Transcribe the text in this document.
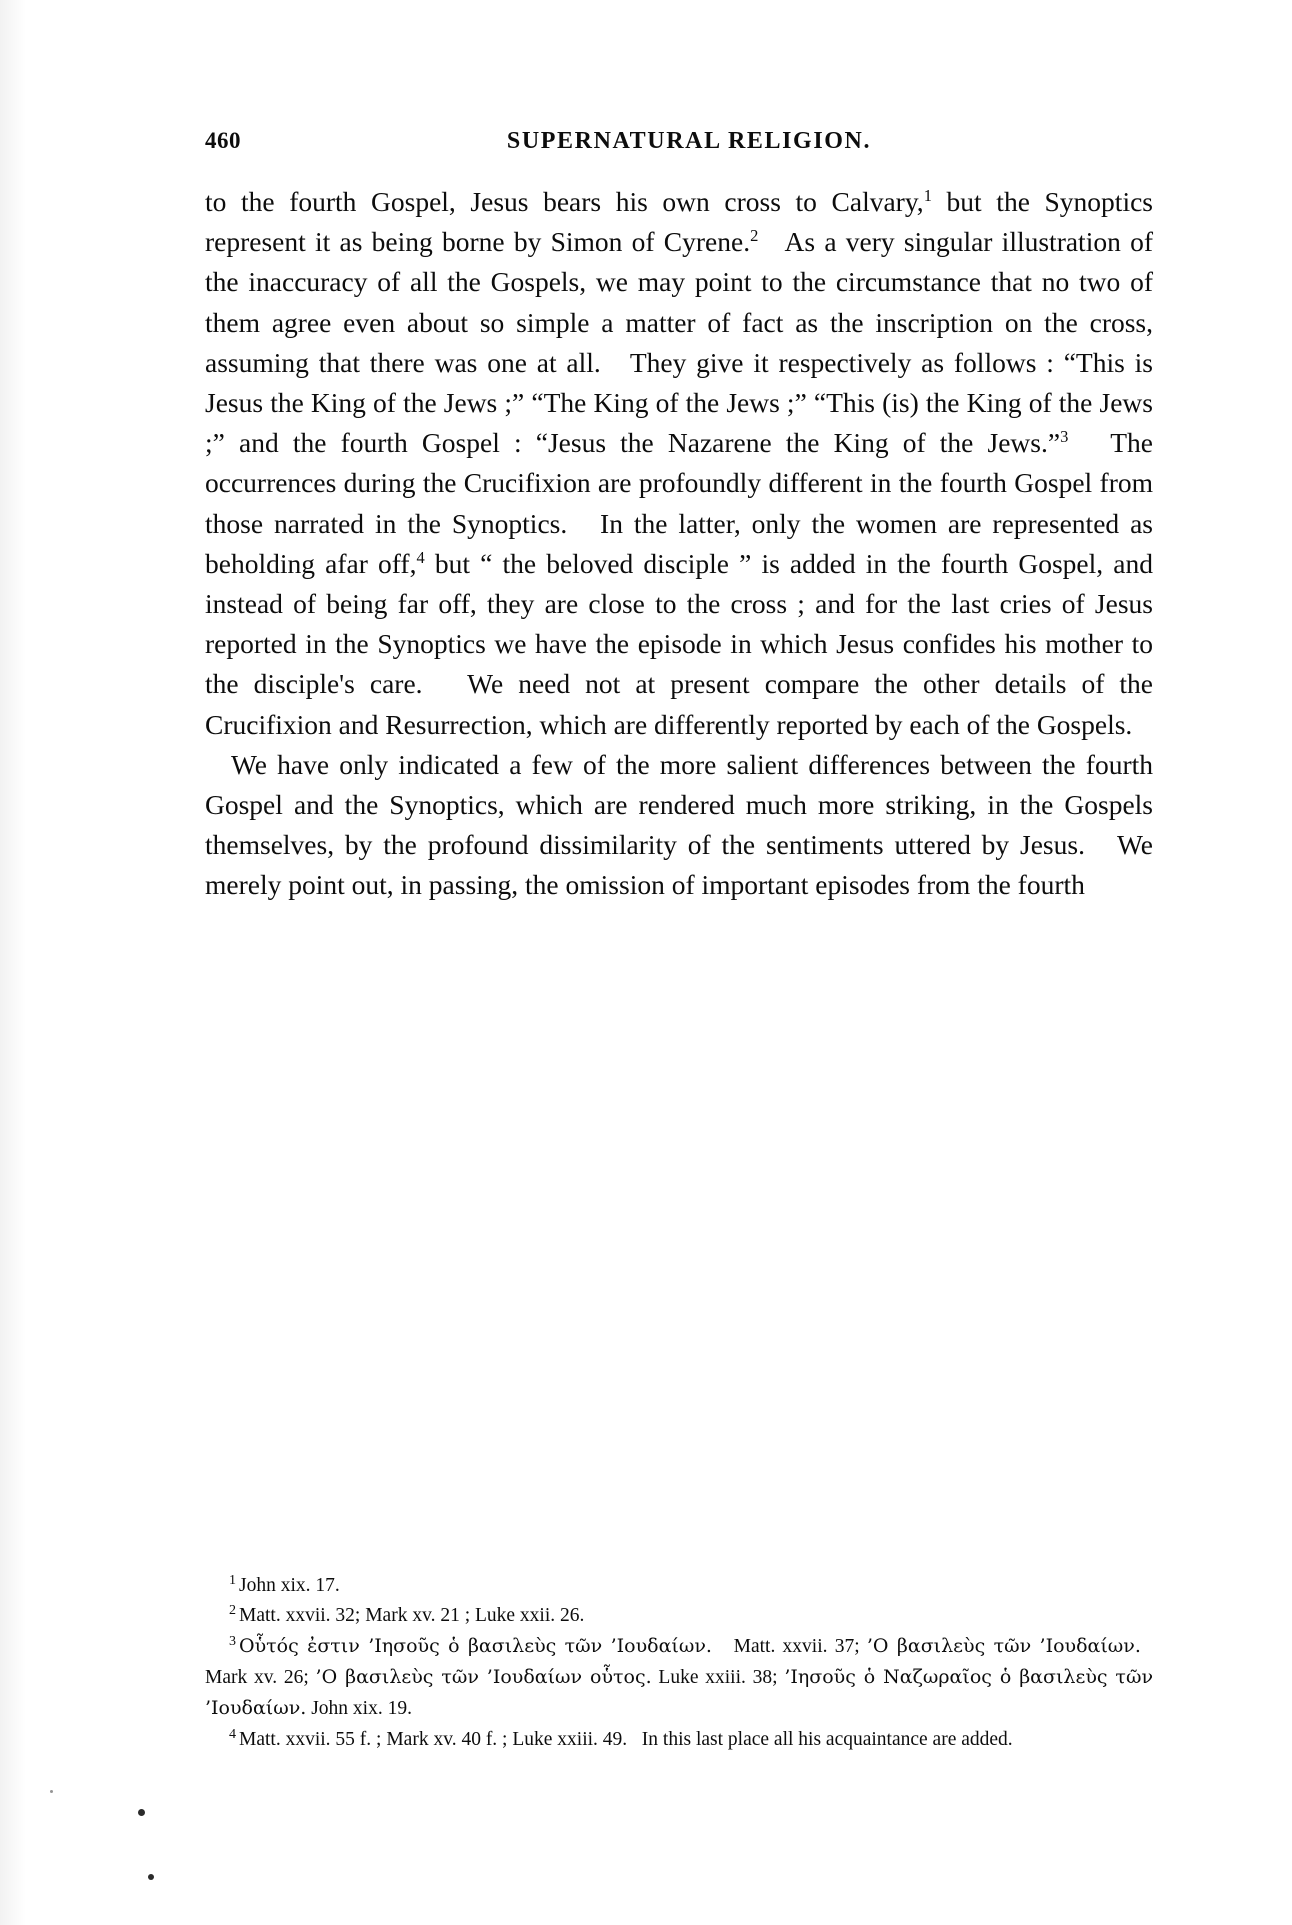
460	SUPERNATURAL RELIGION.

to the fourth Gospel, Jesus bears his own cross to Calvary,$^1$ but the Synoptics represent it as being borne by Simon of Cyrene.$^2$   As a very singular illustration of the inaccuracy of all the Gospels, we may point to the circumstance that no two of them agree even about so simple a matter of fact as the inscription on the cross, assuming that there was one at all.   They give it respectively as follows : “This is Jesus the King of the Jews ;” “The King of the Jews ;” “This (is) the King of the Jews ;” and the fourth Gospel : “Jesus the Nazarene the King of the Jews.”$^3$   The occurrences during the Crucifixion are profoundly different in the fourth Gospel from those narrated in the Synoptics.   In the latter, only the women are represented as beholding afar off,$^4$ but “ the beloved disciple ” is added in the fourth Gospel, and instead of being far off, they are close to the cross ; and for the last cries of Jesus reported in the Synoptics we have the episode in which Jesus confides his mother to the disciple's care.   We need not at present compare the other details of the Crucifixion and Resurrection, which are differently reported by each of the Gospels.

We have only indicated a few of the more salient differences between the fourth Gospel and the Synoptics, which are rendered much more striking, in the Gospels themselves, by the profound dissimilarity of the sentiments uttered by Jesus.   We merely point out, in passing, the omission of important episodes from the fourth

$^1$ John xix. 17.

$^2$ Matt. xxvii. 32; Mark xv. 21 ; Luke xxii. 26.

$^3$ Οὗτός ἐστιν ’Ιησοῦς ὁ βασιλεὺς τῶν ’Ιουδαίων.   Matt. xxvii. 37; ’Ο βασιλεὺς τῶν ’Ιουδαίων.   Mark xv. 26; ’Ο βασιλεὺς τῶν ’Ιουδαίων οὗτος. Luke xxiii. 38; ’Ιησοῦς ὁ Ναζωραῖος ὁ βασιλεὺς τῶν ’Ιουδαίων. John xix. 19.

$^4$ Matt. xxvii. 55 f. ; Mark xv. 40 f. ; Luke xxiii. 49.   In this last place all his acquaintance are added.
